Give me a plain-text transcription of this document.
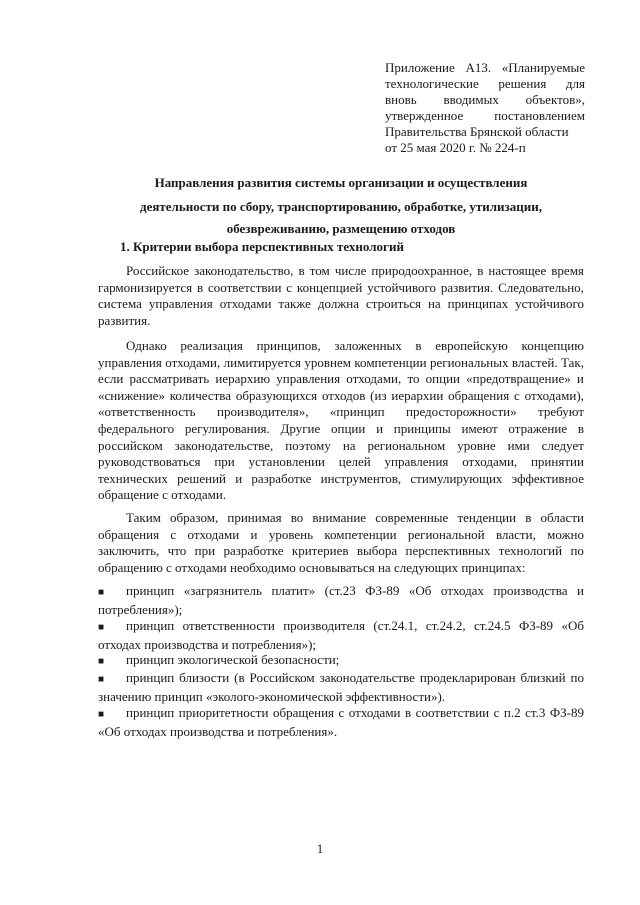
Приложение А13. «Планируемые
технологические решения для
вновь вводимых объектов»,
утвержденное постановлением
Правительства Брянской области
от 25 мая 2020 г. № 224-п
Направления развития системы организации и осуществления
деятельности по сбору, транспортированию, обработке, утилизации,
обезвреживанию, размещению отходов
1. Критерии выбора перспективных технологий
Российское законодательство, в том числе природоохранное, в настоящее время
гармонизируется в соответствии с концепцией устойчивого развития. Следовательно,
система управления отходами также должна строиться на принципах устойчивого
развития.
Однако реализация принципов, заложенных в европейскую концепцию
управления отходами, лимитируется уровнем компетенции региональных властей. Так,
если рассматривать иерархию управления отходами, то опции «предотвращение» и
«снижение» количества образующихся отходов (из иерархии обращения с отходами),
«ответственность производителя», «принцип предосторожности» требуют
федерального регулирования. Другие опции и принципы имеют отражение в
российском законодательстве, поэтому на региональном уровне ими следует
руководствоваться при установлении целей управления отходами, принятии
технических решений и разработке инструментов, стимулирующих эффективное
обращение с отходами.
Таким образом, принимая во внимание современные тенденции в области
обращения с отходами и уровень компетенции региональной власти, можно
заключить, что при разработке критериев выбора перспективных технологий по
обращению с отходами необходимо основываться на следующих принципах:
■	принцип «загрязнитель платит» (ст.23 ФЗ-89 «Об отходах производства и
потребления»);
■	принцип ответственности производителя (ст.24.1, ст.24.2, ст.24.5 ФЗ-89 «Об
отходах производства и потребления»);
■	принцип экологической безопасности;
■	принцип близости (в Российском законодательстве продекларирован близкий по
значению принцип «эколого-экономической эффективности»).
■	принцип приоритетности обращения с отходами в соответствии с п.2 ст.3 ФЗ-89
«Об отходах производства и потребления».
1
